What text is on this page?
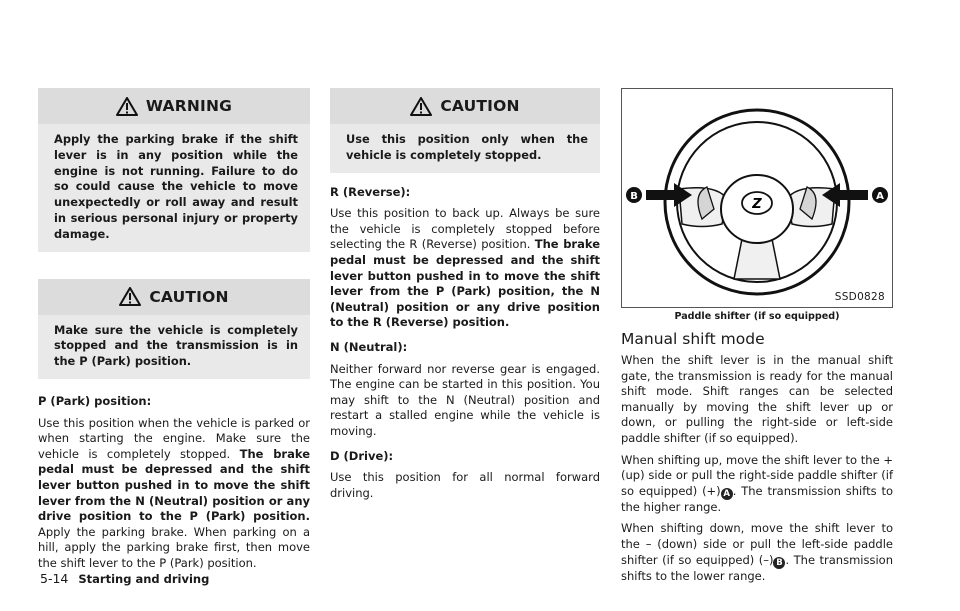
WARNING
Apply the parking brake if the shift lever is in any position while the engine is not running. Failure to do so could cause the vehicle to move unexpectedly or roll away and result in serious personal injury or property damage.
CAUTION
Make sure the vehicle is completely stopped and the transmission is in the P (Park) position.

P (Park) position:

Use this position when the vehicle is parked or when starting the engine. Make sure the vehicle is completely stopped. The brake pedal must be depressed and the shift lever button pushed in to move the shift lever from the N (Neutral) position or any drive position to the P (Park) position. Apply the parking brake. When parking on a hill, apply the parking brake first, then move the shift lever to the P (Park) position.

CAUTION
Use this position only when the vehicle is completely stopped.

R (Reverse):

Use this position to back up. Always be sure the vehicle is completely stopped before selecting the R (Reverse) position. The brake pedal must be depressed and the shift lever button pushed in to move the shift lever from the P (Park) position, the N (Neutral) position or any drive position to the R (Reverse) position.

N (Neutral):

Neither forward nor reverse gear is engaged. The engine can be started in this position. You may shift to the N (Neutral) position and restart a stalled engine while the vehicle is moving.

D (Drive):

Use this position for all normal forward driving.

Z
B	A
SSD0828
Paddle shifter (if so equipped)
Manual shift mode

When the shift lever is in the manual shift gate, the transmission is ready for the manual shift mode. Shift ranges can be selected manually by moving the shift lever up or down, or pulling the right-side or left-side paddle shifter (if so equipped).

When shifting up, move the shift lever to the + (up) side or pull the right-side paddle shifter (if so equipped) (+) A . The transmission shifts to the higher range.

When shifting down, move the shift lever to the – (down) side or pull the left-side paddle shifter (if so equipped) (–) B . The transmission shifts to the lower range.

5-14 Starting and driving
